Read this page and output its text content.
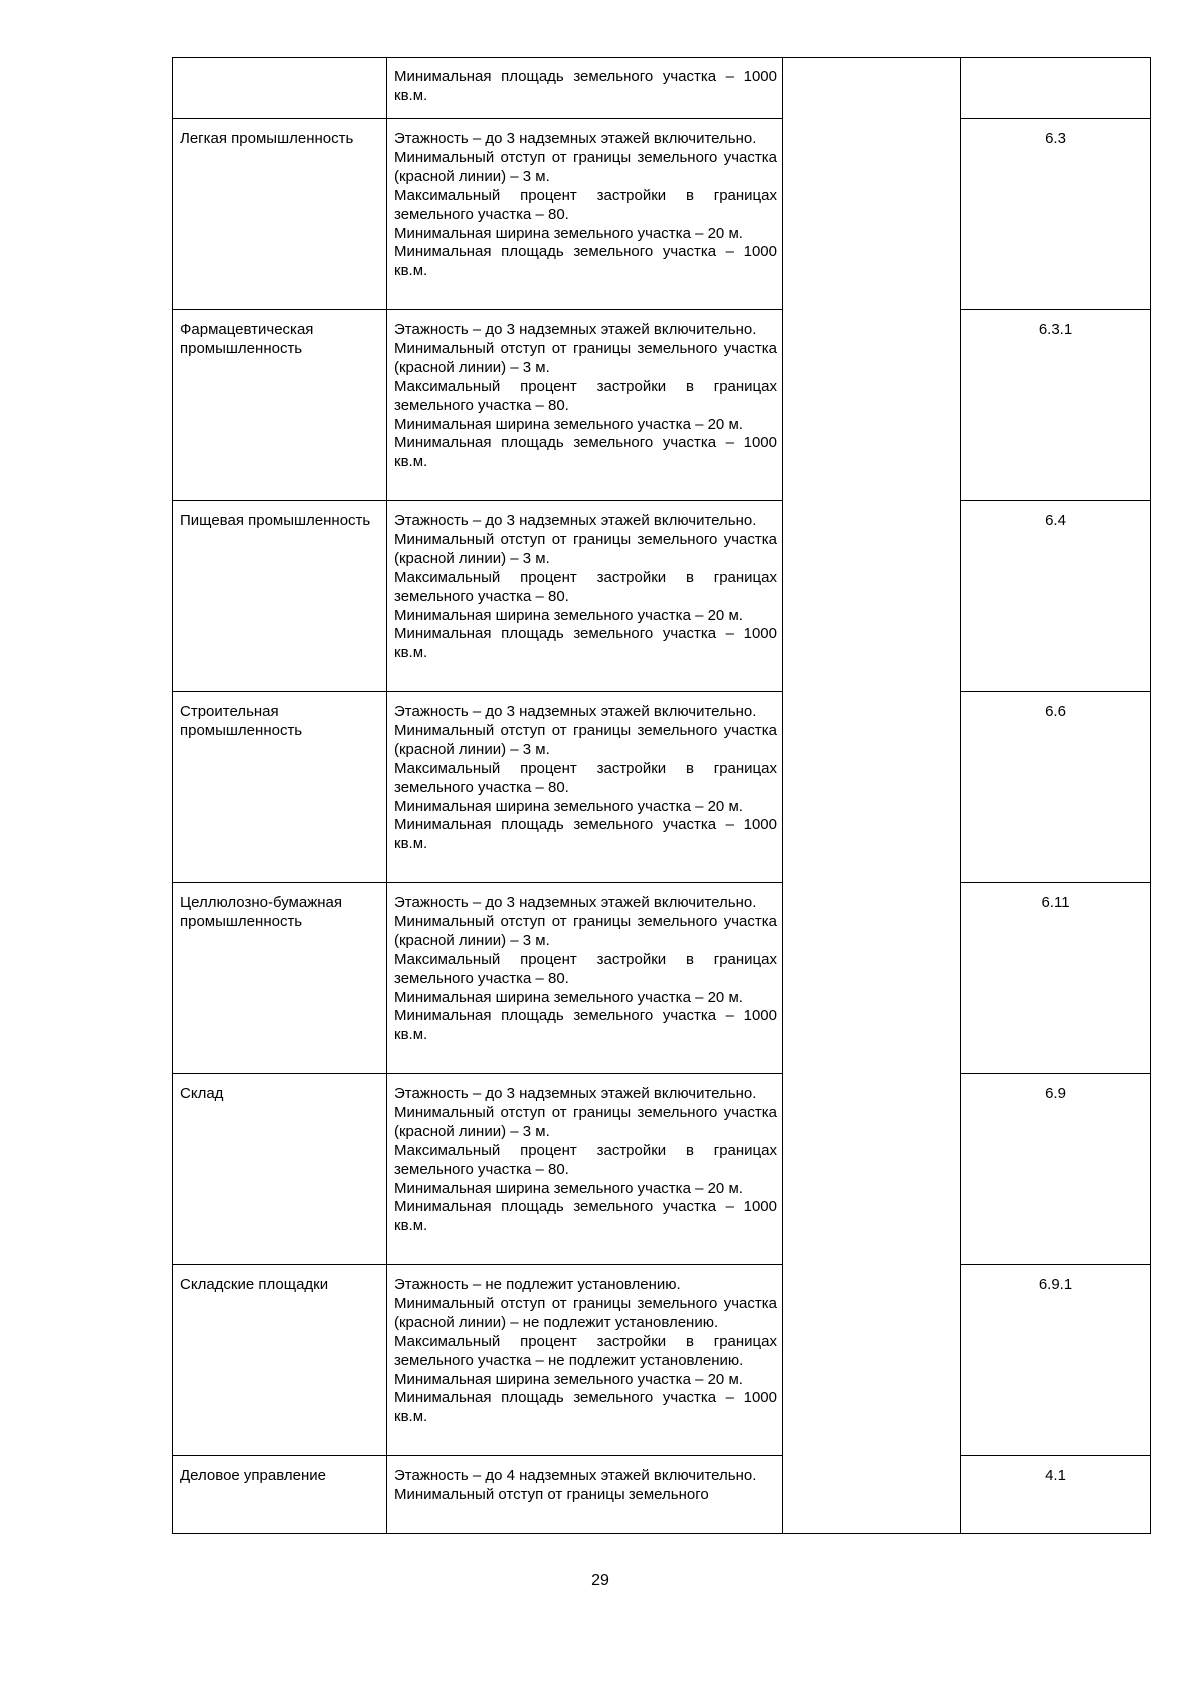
	Минимальная площадь земельного участка – 1000 кв.м.		

Легкая промышленность	Этажность – до 3 надземных этажей включительно.
Минимальный отступ от границы земельного участка (красной линии) – 3 м.
Максимальный процент застройки в границах земельного участка – 80.
Минимальная ширина земельного участка – 20 м.
Минимальная площадь земельного участка – 1000 кв.м.		6.3
Фармацевтическая промышленность	Этажность – до 3 надземных этажей включительно.
Минимальный отступ от границы земельного участка (красной линии) – 3 м.
Максимальный процент застройки в границах земельного участка – 80.
Минимальная ширина земельного участка – 20 м.
Минимальная площадь земельного участка – 1000 кв.м.		6.3.1
Пищевая промышленность	Этажность – до 3 надземных этажей включительно.
Минимальный отступ от границы земельного участка (красной линии) – 3 м.
Максимальный процент застройки в границах земельного участка – 80.
Минимальная ширина земельного участка – 20 м.
Минимальная площадь земельного участка – 1000 кв.м.		6.4
Строительная промышленность	Этажность – до 3 надземных этажей включительно.
Минимальный отступ от границы земельного участка (красной линии) – 3 м.
Максимальный процент застройки в границах земельного участка – 80.
Минимальная ширина земельного участка – 20 м.
Минимальная площадь земельного участка – 1000 кв.м.		6.6
Целлюлозно-бумажная промышленность	Этажность – до 3 надземных этажей включительно.
Минимальный отступ от границы земельного участка (красной линии) – 3 м.
Максимальный процент застройки в границах земельного участка – 80.
Минимальная ширина земельного участка – 20 м.
Минимальная площадь земельного участка – 1000 кв.м.		6.11
Склад	Этажность – до 3 надземных этажей включительно.
Минимальный отступ от границы земельного участка (красной линии) – 3 м.
Максимальный процент застройки в границах земельного участка – 80.
Минимальная ширина земельного участка – 20 м.
Минимальная площадь земельного участка – 1000 кв.м.		6.9
Складские площадки	Этажность – не подлежит установлению.
Минимальный отступ от границы земельного участка (красной линии) – не подлежит установлению.
Максимальный процент застройки в границах земельного участка – не подлежит установлению.
Минимальная ширина земельного участка – 20 м.
Минимальная площадь земельного участка – 1000 кв.м.		6.9.1
Деловое управление	Этажность – до 4 надземных этажей включительно.
Минимальный отступ от границы земельного		4.1
29
